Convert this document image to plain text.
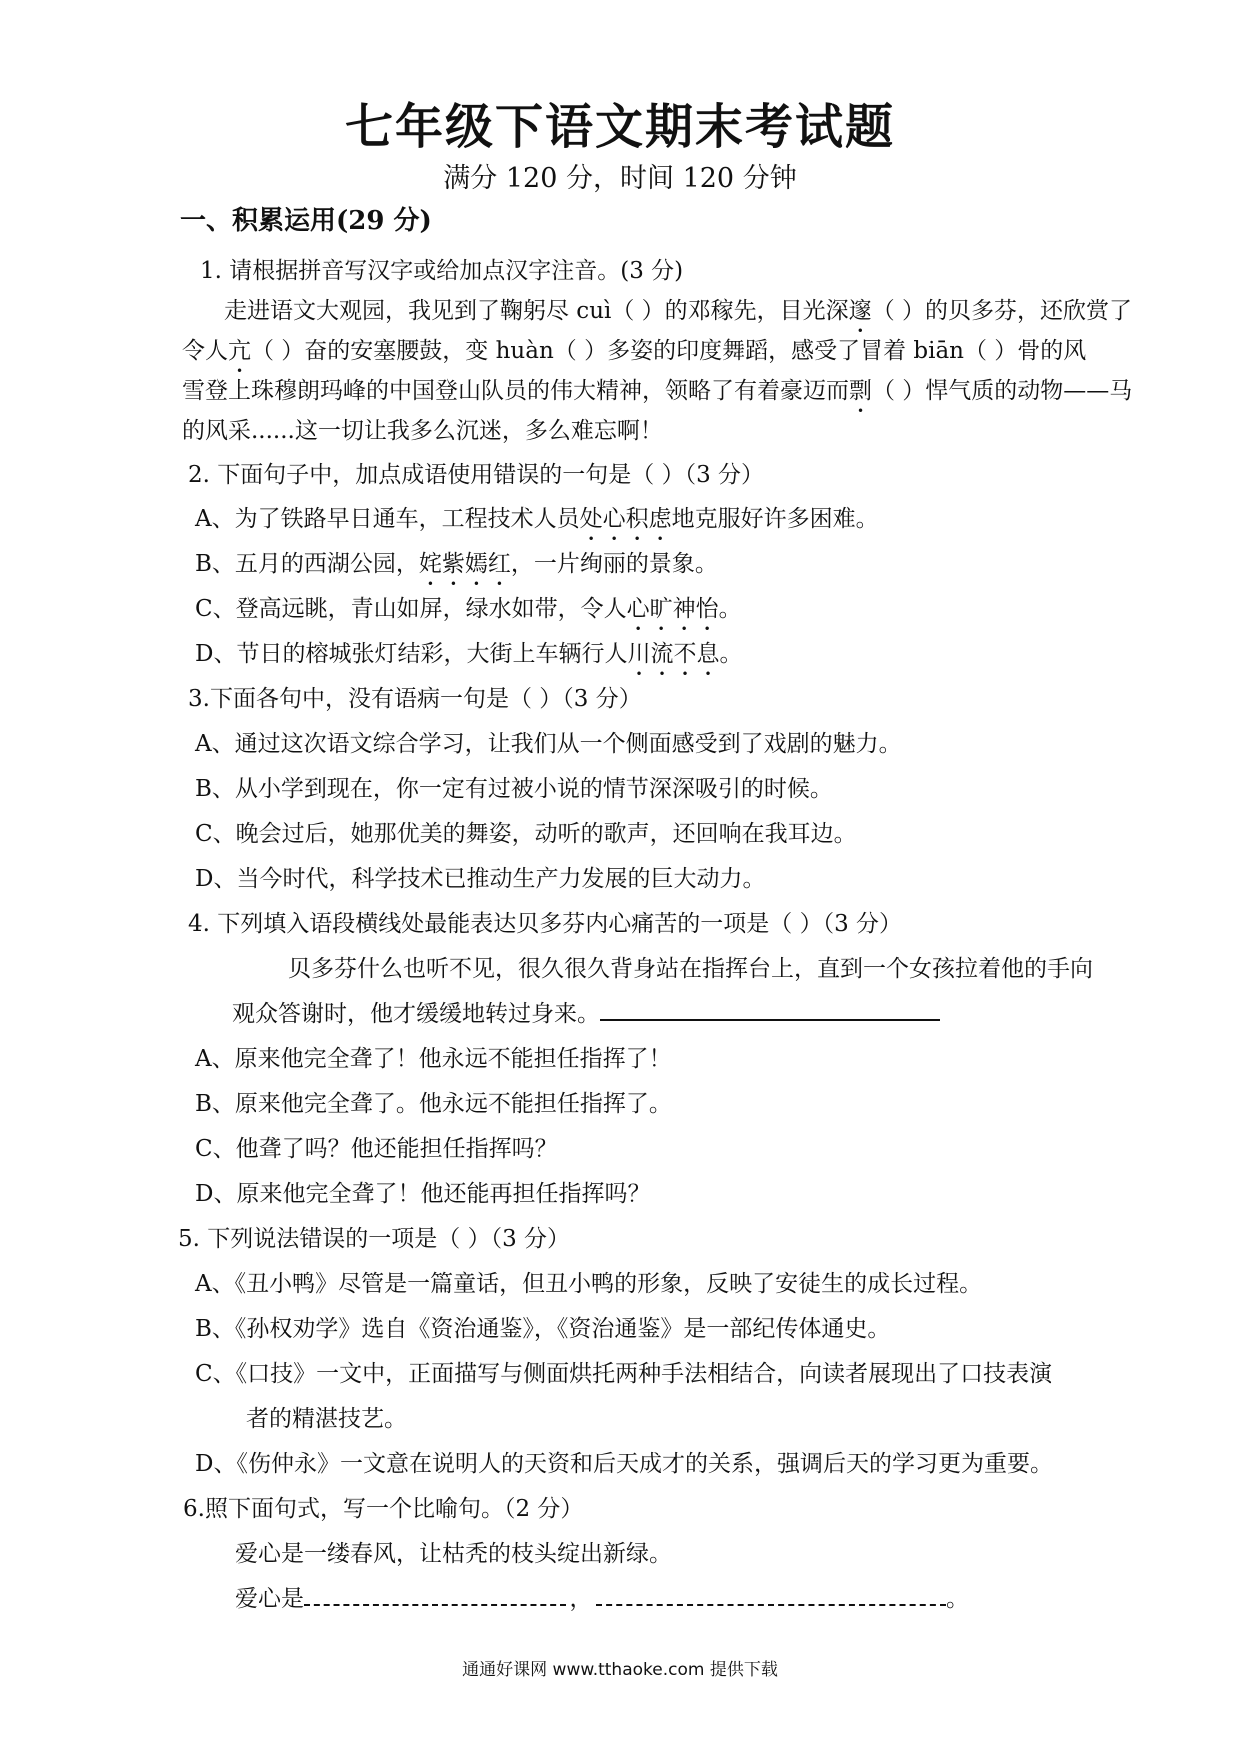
七年级下语文期末考试题
满分 120 分，时间 120 分钟
一、积累运用(29 分)
1. 请根据拼音写汉字或给加点汉字注音。(3 分)
走进语文大观园，我见到了鞠躬尽 cuì（ ）的邓稼先，目光深邃（ ）的贝多芬，还欣赏了
令人亢（ ）奋的安塞腰鼓，变 huàn（ ）多姿的印度舞蹈，感受了冒着 biān（ ）骨的风
雪登上珠穆朗玛峰的中国登山队员的伟大精神，领略了有着豪迈而剽（ ）悍气质的动物——马
的风采......这一切让我多么沉迷，多么难忘啊！
2. 下面句子中，加点成语使用错误的一句是（ ）（3 分）
A、为了铁路早日通车，工程技术人员处心积虑地克服好许多困难。
B、五月的西湖公园，姹紫嫣红，一片绚丽的景象。
C、登高远眺，青山如屏，绿水如带，令人心旷神怡。
D、节日的榕城张灯结彩，大街上车辆行人川流不息。
3.下面各句中，没有语病一句是（ ）（3 分）
A、通过这次语文综合学习，让我们从一个侧面感受到了戏剧的魅力。
B、从小学到现在，你一定有过被小说的情节深深吸引的时候。
C、晚会过后，她那优美的舞姿，动听的歌声，还回响在我耳边。
D、当今时代，科学技术已推动生产力发展的巨大动力。
4. 下列填入语段横线处最能表达贝多芬内心痛苦的一项是（ ）（3 分）
贝多芬什么也听不见，很久很久背身站在指挥台上，直到一个女孩拉着他的手向
观众答谢时，他才缓缓地转过身来。
A、原来他完全聋了！他永远不能担任指挥了！
B、原来他完全聋了。他永远不能担任指挥了。
C、他聋了吗？他还能担任指挥吗？
D、原来他完全聋了！他还能再担任指挥吗？
5. 下列说法错误的一项是（ ）（3 分）
A、《丑小鸭》尽管是一篇童话，但丑小鸭的形象，反映了安徒生的成长过程。
B、《孙权劝学》选自《资治通鉴》，《资治通鉴》是一部纪传体通史。
C、《口技》一文中，正面描写与侧面烘托两种手法相结合，向读者展现出了口技表演
者的精湛技艺。
D、《伤仲永》一文意在说明人的天资和后天成才的关系，强调后天的学习更为重要。
6.照下面句式，写一个比喻句。（2 分）
爱心是一缕春风，让枯秃的枝头绽出新绿。
爱心是	，	。
通通好课网 www.tthaoke.com 提供下载
